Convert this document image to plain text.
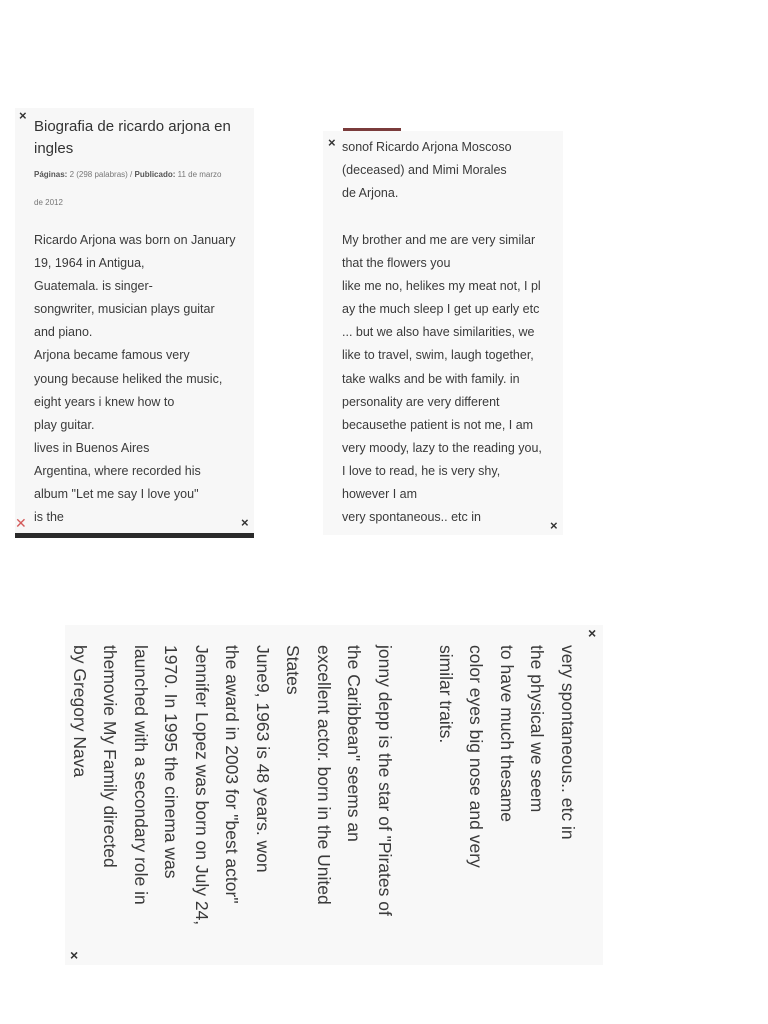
×
Biografia de ricardo arjona en
ingles
Páginas: 2 (298 palabras) / Publicado: 11 de marzo
de 2012
Ricardo Arjona was born on January
19, 1964 in Antigua,
Guatemala. is singer-
songwriter, musician plays guitar
and piano.
Arjona became famous very
young because heliked the music,
eight years i knew how to
play guitar.
lives in Buenos Aires
Argentina, where recorded his
album "Let me say I love you"
is the
✕	×
× sonof Ricardo Arjona Moscoso
(deceased) and Mimi Morales
de Arjona.
My brother and me are very similar
that the flowers you
like me no, helikes my meat not, I pl
ay the much sleep I get up early etc
... but we also have similarities, we
like to travel, swim, laugh together,
take walks and be with family. in
personality are very different
becausethe patient is not me, I am
very moody, lazy to the reading you,
I love to read, he is very shy,
however I am
very spontaneous.. etc in
×
very spontaneous.. etc in
the physical we seem
to have much thesame
color eyes big nose and very
similar traits.

jonny depp is the star of "Pirates of
the Caribbean" seems an
excellent actor. born in the United
States
June9, 1963 is 48 years. won
the award in 2003 for "best actor"
Jennifer Lopez was born on July 24,
1970. In 1995 the cinema was
launched with a secondary role in
themovie My Family directed
by Gregory Nava
×
×
